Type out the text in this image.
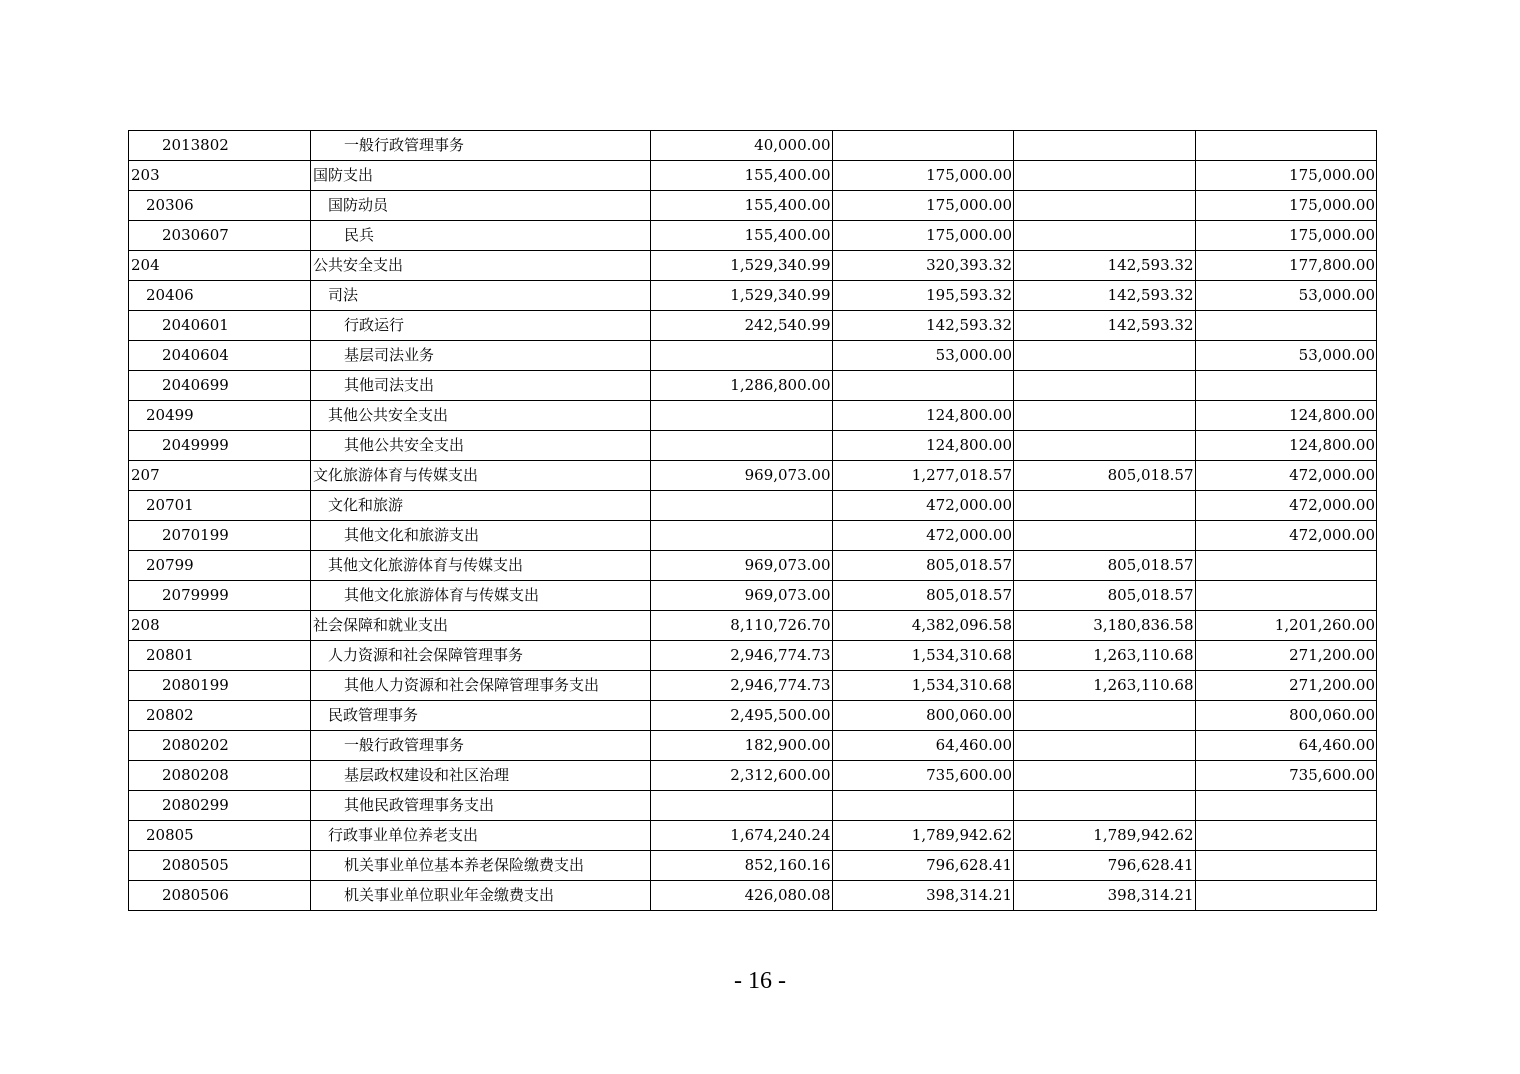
2013802	一般行政管理事务	40,000.00			
203	国防支出	155,400.00	175,000.00		175,000.00
20306	国防动员	155,400.00	175,000.00		175,000.00
2030607	民兵	155,400.00	175,000.00		175,000.00
204	公共安全支出	1,529,340.99	320,393.32	142,593.32	177,800.00
20406	司法	1,529,340.99	195,593.32	142,593.32	53,000.00
2040601	行政运行	242,540.99	142,593.32	142,593.32	
2040604	基层司法业务		53,000.00		53,000.00
2040699	其他司法支出	1,286,800.00			
20499	其他公共安全支出		124,800.00		124,800.00
2049999	其他公共安全支出		124,800.00		124,800.00
207	文化旅游体育与传媒支出	969,073.00	1,277,018.57	805,018.57	472,000.00
20701	文化和旅游		472,000.00		472,000.00
2070199	其他文化和旅游支出		472,000.00		472,000.00
20799	其他文化旅游体育与传媒支出	969,073.00	805,018.57	805,018.57	
2079999	其他文化旅游体育与传媒支出	969,073.00	805,018.57	805,018.57	
208	社会保障和就业支出	8,110,726.70	4,382,096.58	3,180,836.58	1,201,260.00
20801	人力资源和社会保障管理事务	2,946,774.73	1,534,310.68	1,263,110.68	271,200.00
2080199	其他人力资源和社会保障管理事务支出	2,946,774.73	1,534,310.68	1,263,110.68	271,200.00
20802	民政管理事务	2,495,500.00	800,060.00		800,060.00
2080202	一般行政管理事务	182,900.00	64,460.00		64,460.00
2080208	基层政权建设和社区治理	2,312,600.00	735,600.00		735,600.00
2080299	其他民政管理事务支出				
20805	行政事业单位养老支出	1,674,240.24	1,789,942.62	1,789,942.62	
2080505	机关事业单位基本养老保险缴费支出	852,160.16	796,628.41	796,628.41	
2080506	机关事业单位职业年金缴费支出	426,080.08	398,314.21	398,314.21	
- 16 -
